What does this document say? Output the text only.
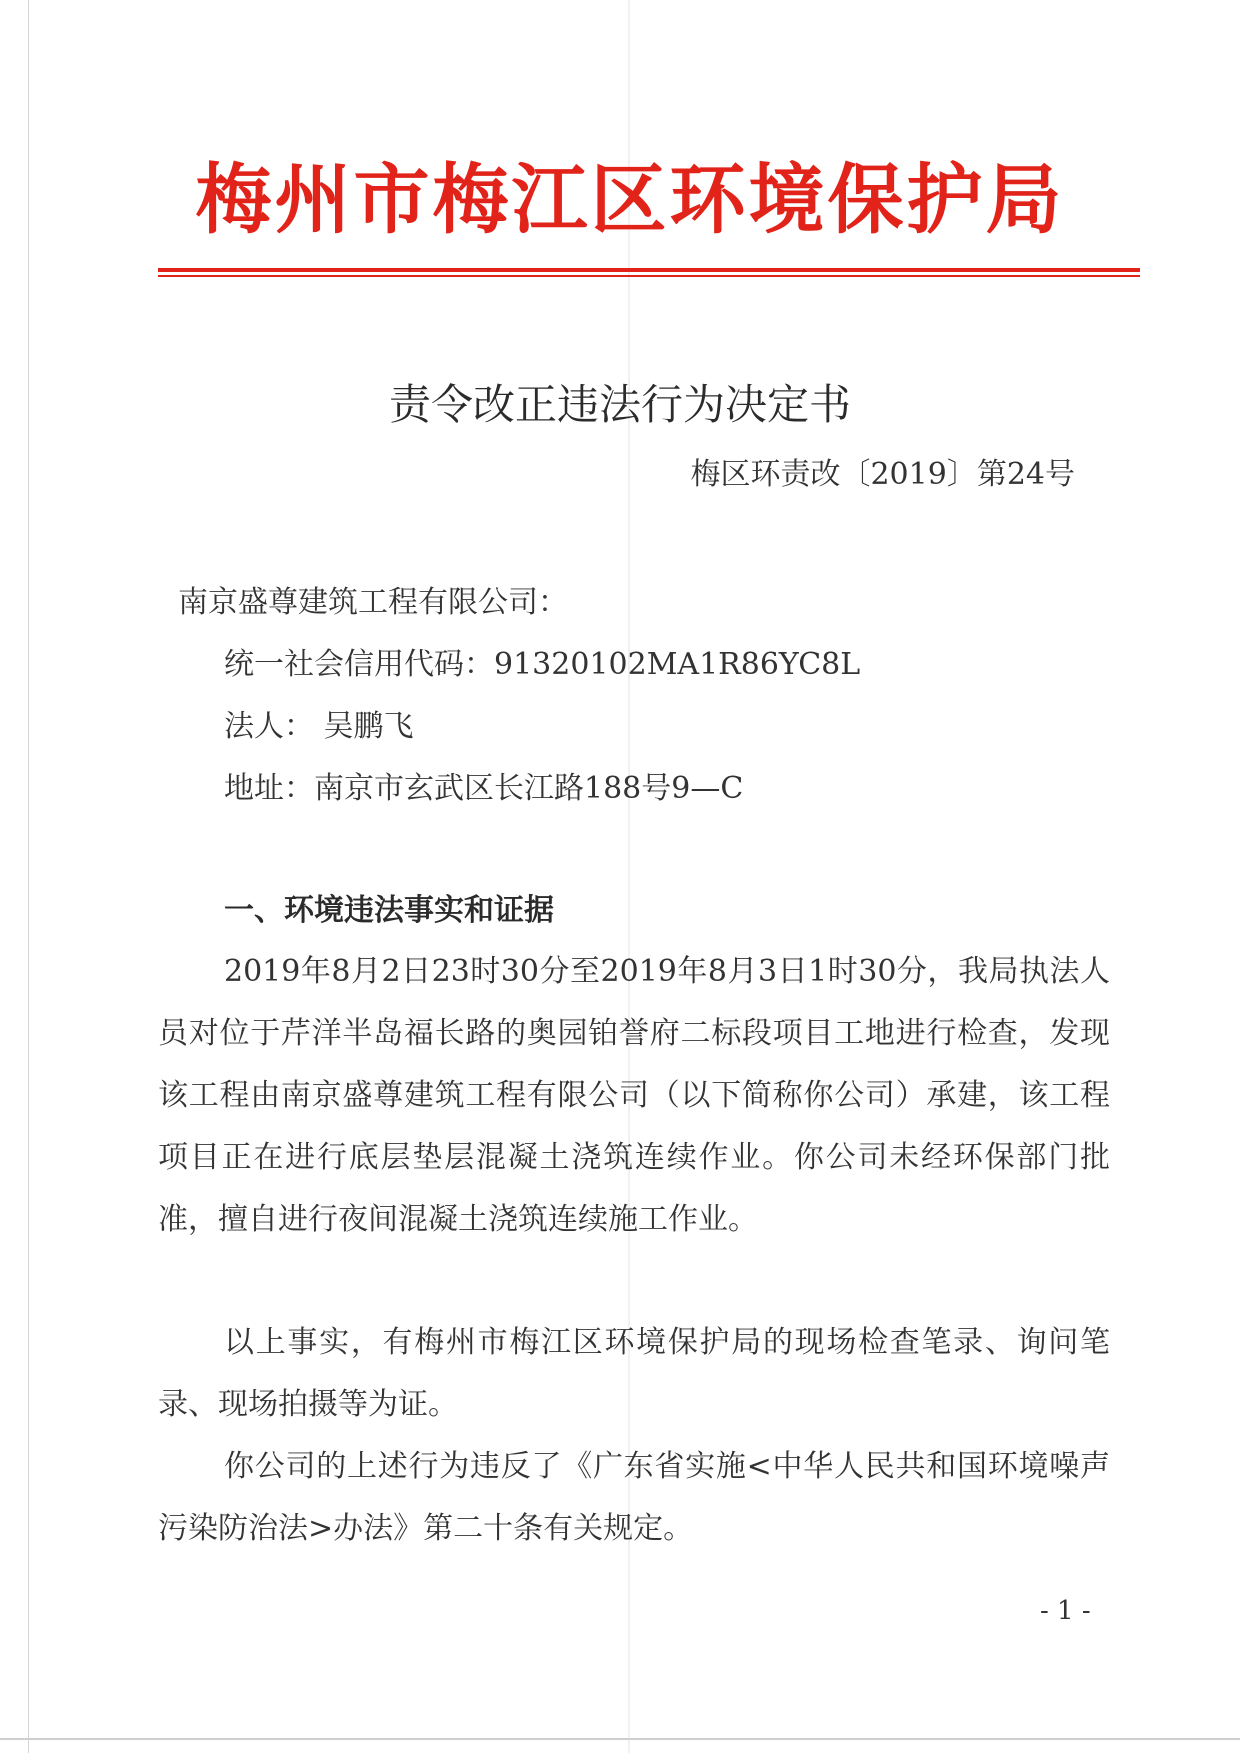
梅州市梅江区环境保护局
责令改正违法行为决定书
梅区环责改〔2019〕第24号
南京盛尊建筑工程有限公司：
统一社会信用代码：91320102MA1R86YC8L
法人： 吴鹏飞
地址：南京市玄武区长江路188号9—C
一、环境违法事实和证据

2019年8月2日23时30分至2019年8月3日1时30分，我局执法人员对位于芹洋半岛福长路的奥园铂誉府二标段项目工地进行检查，发现该工程由南京盛尊建筑工程有限公司（以下简称你公司）承建，该工程项目正在进行底层垫层混凝土浇筑连续作业。你公司未经环保部门批准，擅自进行夜间混凝土浇筑连续施工作业。

以上事实，有梅州市梅江区环境保护局的现场检查笔录、询问笔录、现场拍摄等为证。

你公司的上述行为违反了《广东省实施<中华人民共和国环境噪声污染防治法>办法》第二十条有关规定。

- 1 -
